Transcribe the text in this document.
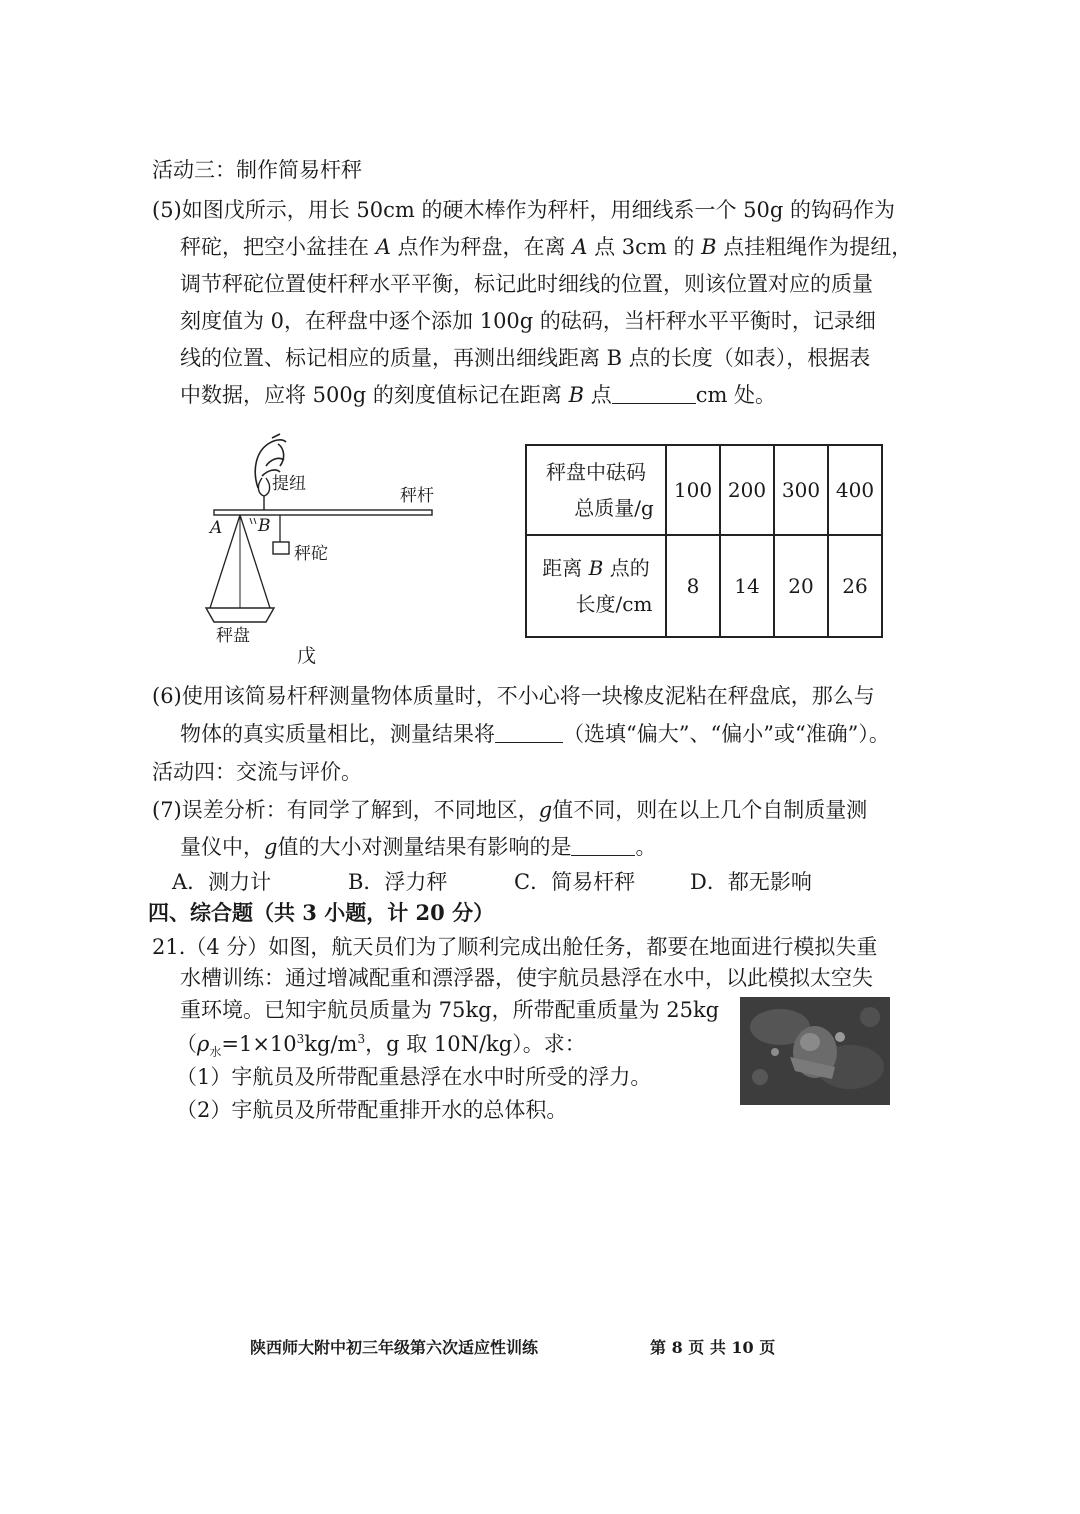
活动三：制作简易杆秤
(5)如图戊所示，用长 50cm 的硬木棒作为秤杆，用细线系一个 50g 的钩码作为
秤砣，把空小盆挂在 A 点作为秤盘，在离 A 点 3cm 的 B 点挂粗绳作为提纽，
调节秤砣位置使杆秤水平平衡，标记此时细线的位置，则该位置对应的质量
刻度值为 0，在秤盘中逐个添加 100g 的砝码，当杆秤水平平衡时，记录细
线的位置、标记相应的质量，再测出细线距离 B 点的长度（如表），根据表
中数据，应将 500g 的刻度值标记在距离 B 点	cm 处。
提纽
秤杆
A B
秤砣
秤盘
戊
秤盘中砝码
总质量/g	100	200	300	400
距离 B 点的
长度/cm	8	14	20	26
(6)使用该简易杆秤测量物体质量时，不小心将一块橡皮泥粘在秤盘底，那么与
物体的真实质量相比，测量结果将	（选填“偏大”、“偏小”或“准确”）。
活动四：交流与评价。
(7)误差分析：有同学了解到，不同地区，g值不同，则在以上几个自制质量测
量仪中，g值的大小对测量结果有影响的是	。
A．测力计	B．浮力秤	C．简易杆秤	D．都无影响
四、综合题（共 3 小题，计 20 分）
21.（4 分）如图，航天员们为了顺利完成出舱任务，都要在地面进行模拟失重
水槽训练：通过增减配重和漂浮器，使宇航员悬浮在水中，以此模拟太空失
重环境。已知宇航员质量为 75kg，所带配重质量为 25kg
（$\rho_水=1\times 10^3kg/m^3$，g 取 10N/kg）。求：
（1）宇航员及所带配重悬浮在水中时所受的浮力。
（2）宇航员及所带配重排开水的总体积。
陕西师大附中初三年级第六次适应性训练	第 8 页 共 10 页
